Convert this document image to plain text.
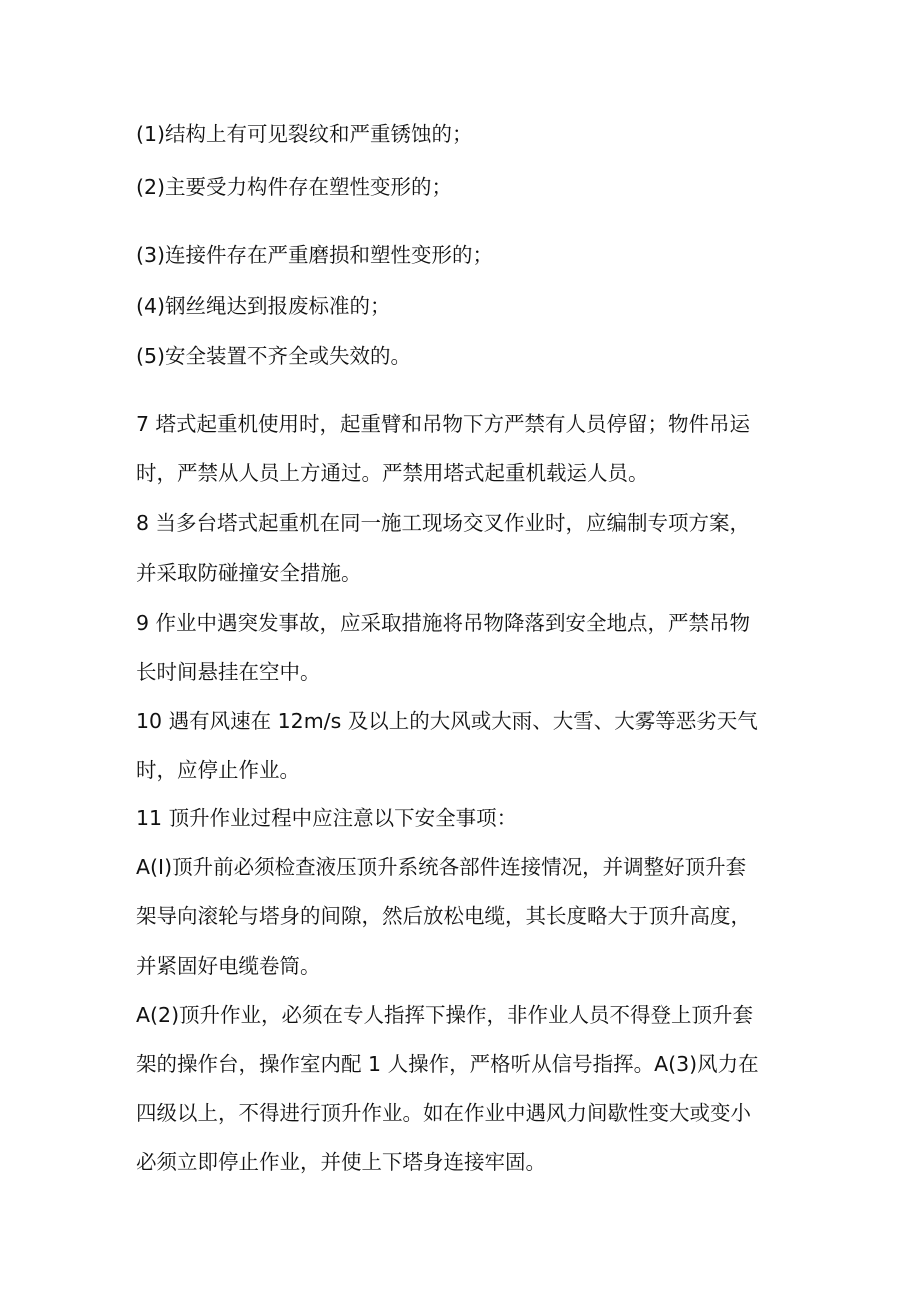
(1)结构上有可见裂纹和严重锈蚀的；
(2)主要受力构件存在塑性变形的；
(3)连接件存在严重磨损和塑性变形的；
(4)钢丝绳达到报废标准的；
(5)安全装置不齐全或失效的。
7 塔式起重机使用时，起重臂和吊物下方严禁有人员停留；物件吊运
时，严禁从人员上方通过。严禁用塔式起重机载运人员。
8 当多台塔式起重机在同一施工现场交叉作业时，应编制专项方案，
并采取防碰撞安全措施。
9 作业中遇突发事故，应采取措施将吊物降落到安全地点，严禁吊物
长时间悬挂在空中。
10 遇有风速在 12m∕s 及以上的大风或大雨、大雪、大雾等恶劣天气
时，应停止作业。
11 顶升作业过程中应注意以下安全事项：
A(I)顶升前必须检查液压顶升系统各部件连接情况，并调整好顶升套
架导向滚轮与塔身的间隙，然后放松电缆，其长度略大于顶升高度，
并紧固好电缆卷筒。
A(2)顶升作业，必须在专人指挥下操作，非作业人员不得登上顶升套
架的操作台，操作室内配 1 人操作，严格听从信号指挥。A(3)风力在
四级以上，不得进行顶升作业。如在作业中遇风力间歇性变大或变小
必须立即停止作业，并使上下塔身连接牢固。
